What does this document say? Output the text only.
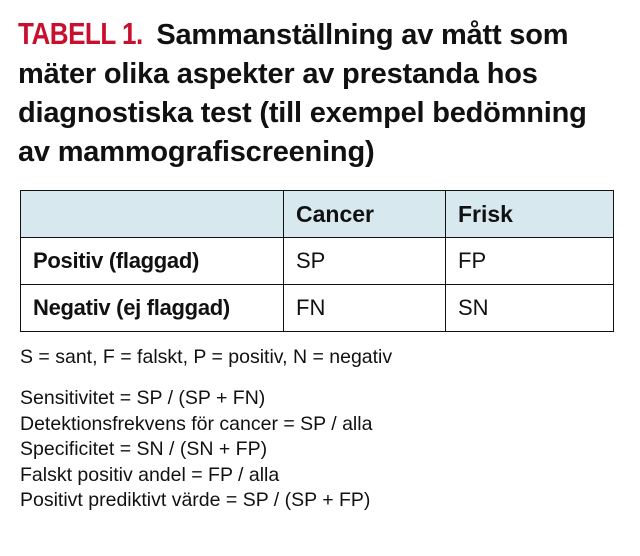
TABELL 1. Sammanställning av mått som mäter olika aspekter av prestanda hos diagnostiska test (till exempel bedömning av mammografiscreening)
	Cancer	Frisk
Positiv (flaggad)	SP	FP
Negativ (ej flaggad)	FN	SN
S = sant, F = falskt, P = positiv, N = negativ
Sensitivitet = SP / (SP + FN)
Detektionsfrekvens för cancer = SP / alla
Specificitet = SN / (SN + FP)
Falskt positiv andel = FP / alla
Positivt prediktivt värde = SP / (SP + FP)
